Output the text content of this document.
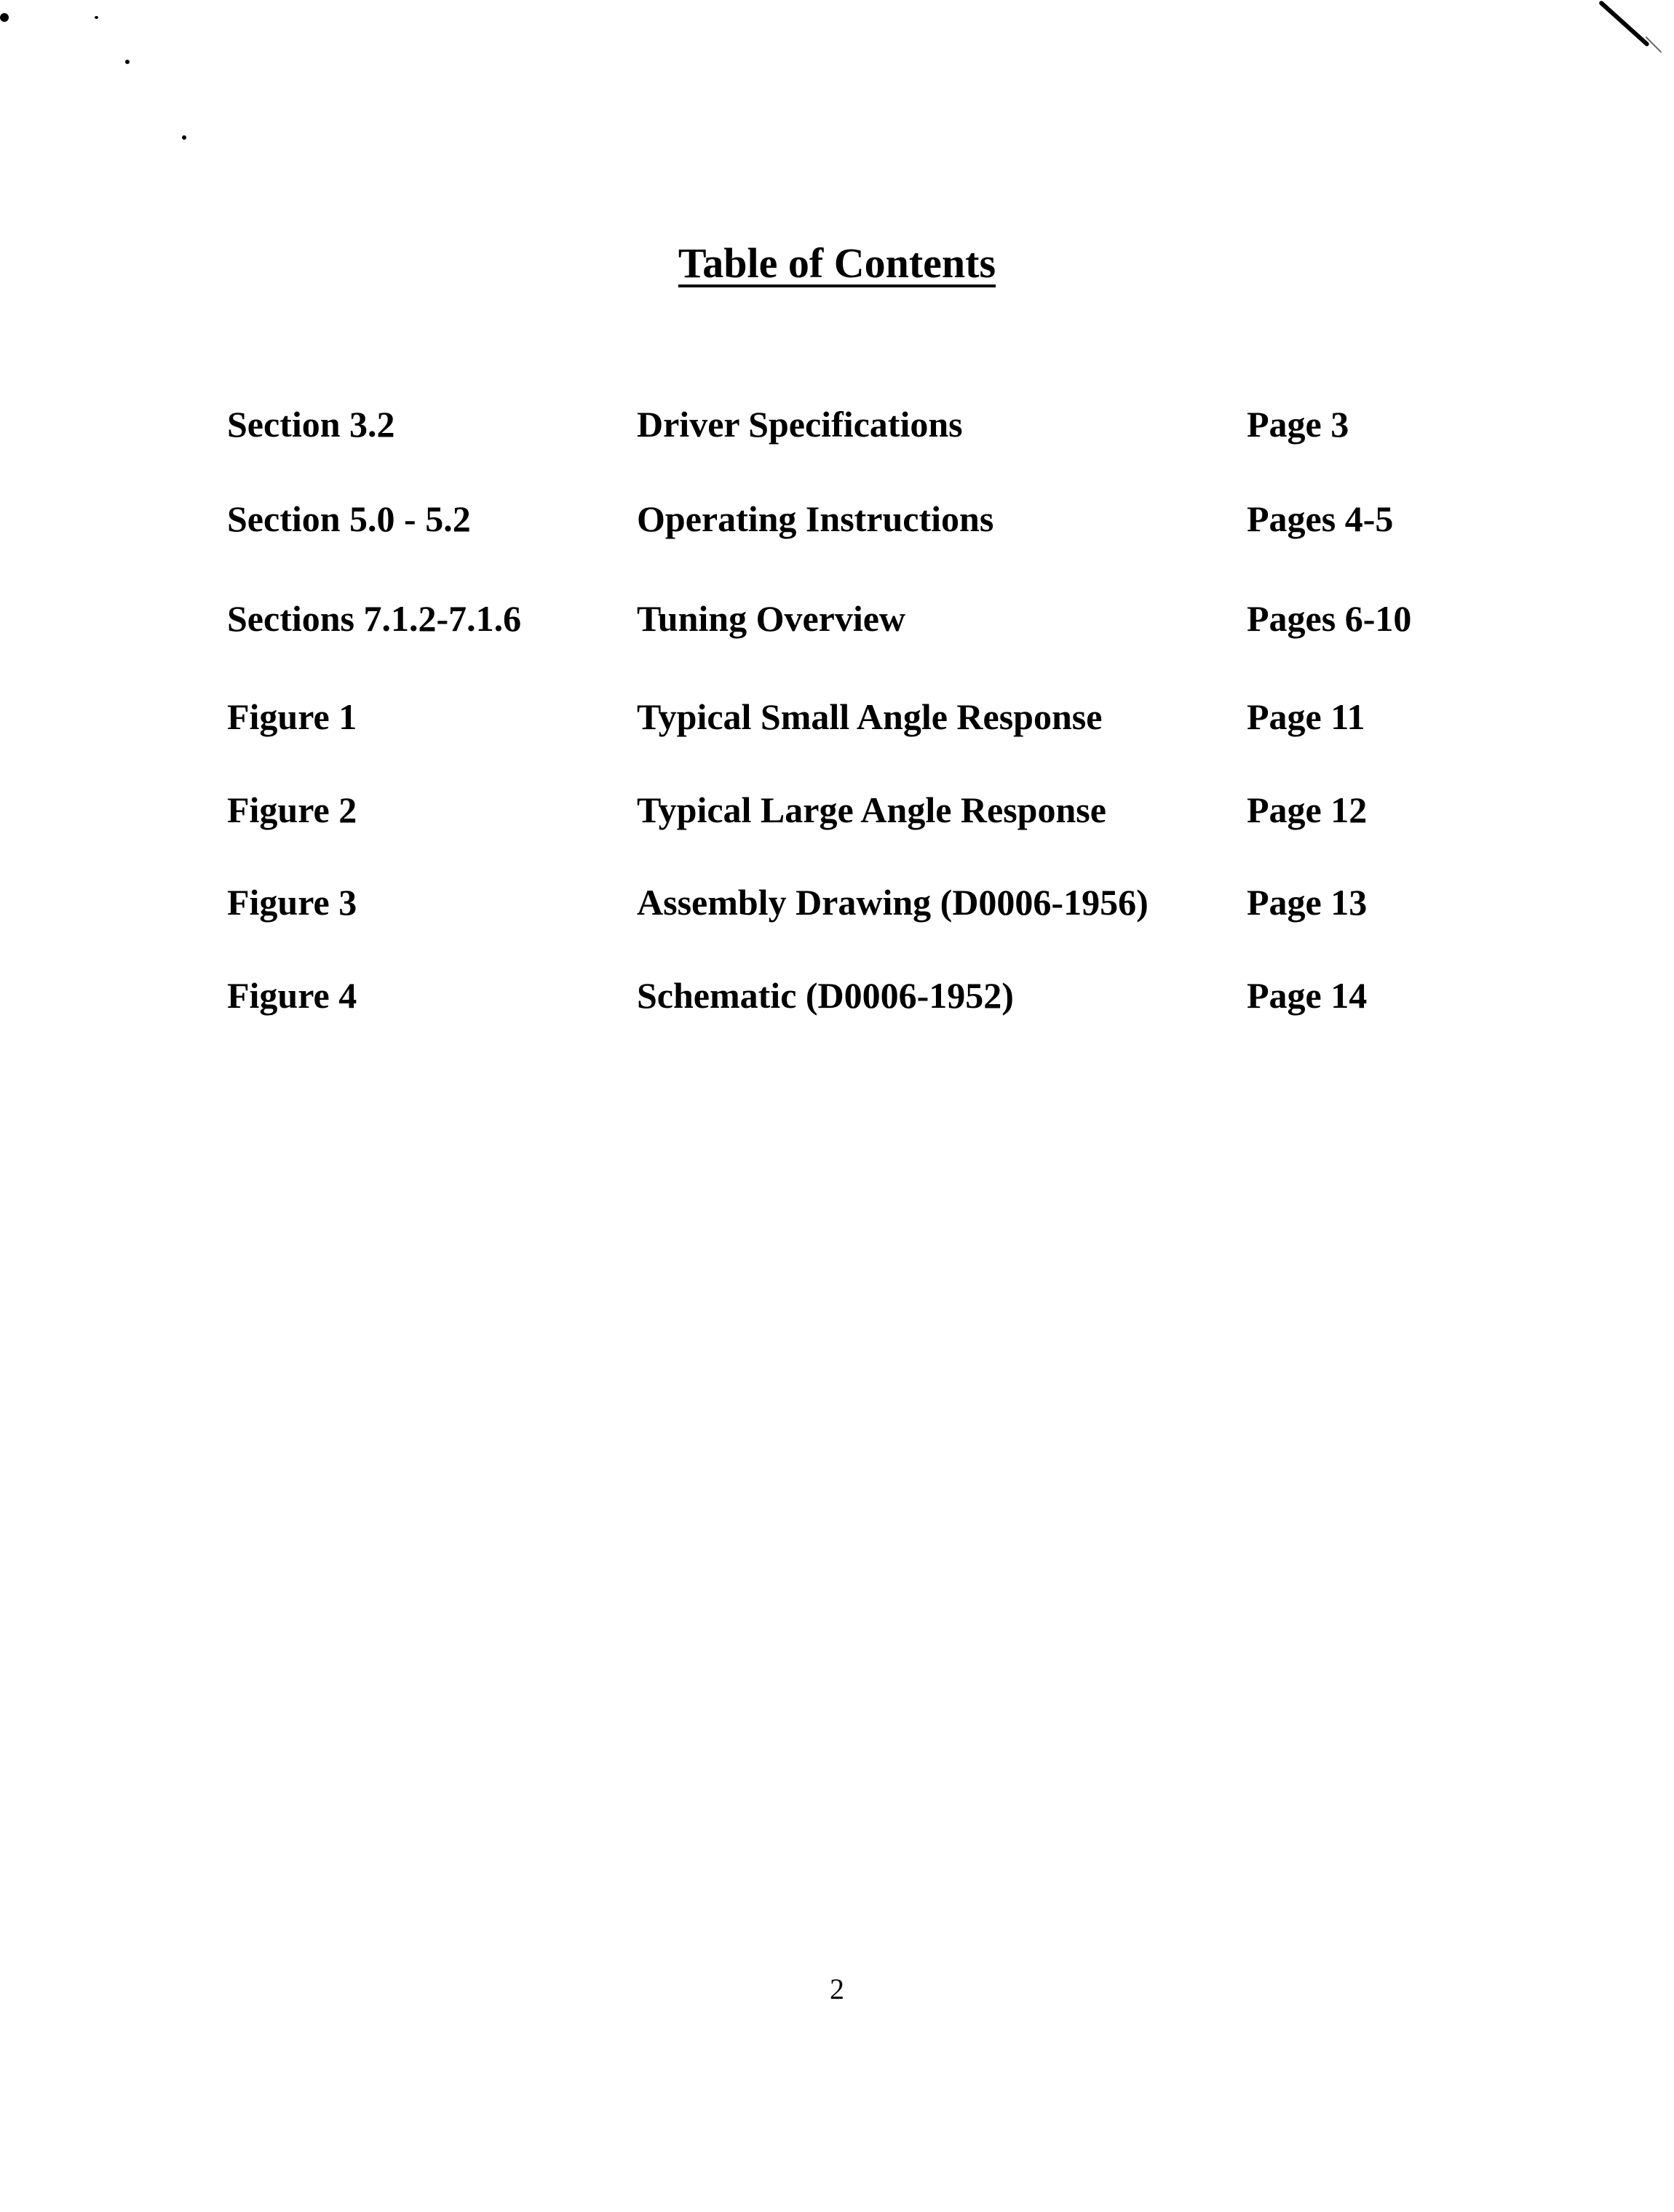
Table of Contents
Section 3.2	Driver Specifications	Page 3
Section 5.0 - 5.2	Operating Instructions	Pages 4-5
Sections 7.1.2-7.1.6	Tuning Overview	Pages 6-10
Figure 1	Typical Small Angle Response	Page 11
Figure 2	Typical Large Angle Response	Page 12
Figure 3	Assembly Drawing (D0006-1956)	Page 13
Figure 4	Schematic (D0006-1952)	Page 14
2
